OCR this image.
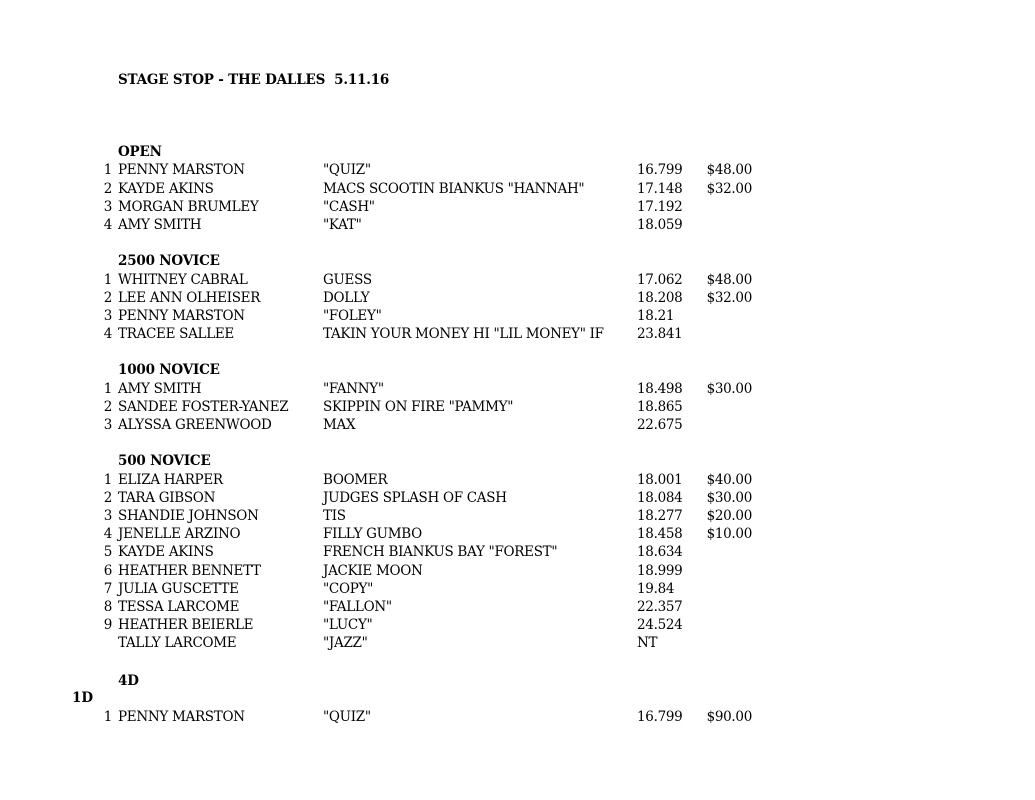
STAGE STOP - THE DALLES  5.11.16
OPEN
1 PENNY MARSTON	"QUIZ"	16.799	$48.00
2 KAYDE AKINS	MACS SCOOTIN BIANKUS "HANNAH"	17.148	$32.00
3 MORGAN BRUMLEY	"CASH"	17.192
4 AMY SMITH	"KAT"	18.059
2500 NOVICE
1 WHITNEY CABRAL	GUESS	17.062	$48.00
2 LEE ANN OLHEISER	DOLLY	18.208	$32.00
3 PENNY MARSTON	"FOLEY"	18.21
4 TRACEE SALLEE	TAKIN YOUR MONEY HI "LIL MONEY" IF 23.841
1000 NOVICE
1 AMY SMITH	"FANNY"	18.498	$30.00
2 SANDEE FOSTER-YANEZ	SKIPPIN ON FIRE "PAMMY"	18.865
3 ALYSSA GREENWOOD	MAX	22.675
500 NOVICE
1 ELIZA HARPER	BOOMER	18.001	$40.00
2 TARA GIBSON	JUDGES SPLASH OF CASH	18.084	$30.00
3 SHANDIE JOHNSON	TIS	18.277	$20.00
4 JENELLE ARZINO	FILLY GUMBO	18.458	$10.00
5 KAYDE AKINS	FRENCH BIANKUS BAY "FOREST"	18.634
6 HEATHER BENNETT	JACKIE MOON	18.999
7 JULIA GUSCETTE	"COPY"	19.84
8 TESSA LARCOME	"FALLON"	22.357
9 HEATHER BEIERLE	"LUCY"	24.524
TALLY LARCOME	"JAZZ"	NT
4D
1 PENNY MARSTON	"QUIZ"	16.799	$90.00
1D
